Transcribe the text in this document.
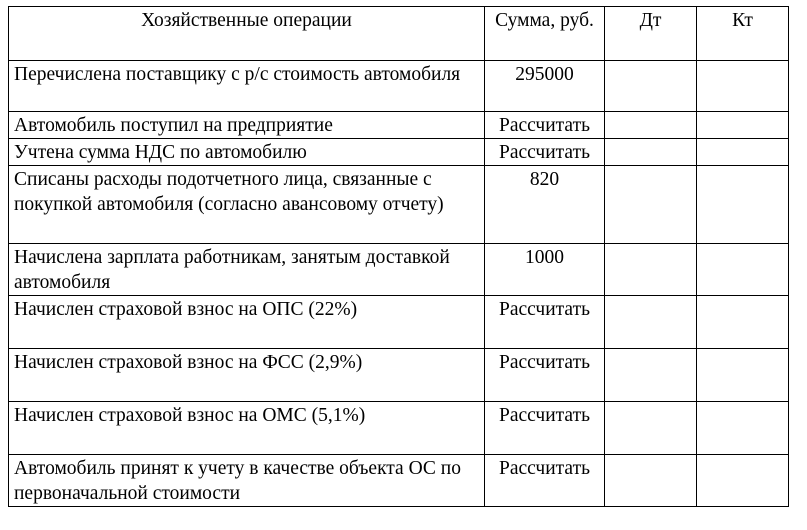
Хозяйственные операции	Сумма, руб.	Дт	Кт
Перечислена поставщику с р/с стоимость автомобиля	295000		
Автомобиль поступил на предприятие	Рассчитать		
Учтена сумма НДС по автомобилю	Рассчитать		
Списаны расходы подотчетного лица, связанные с покупкой автомобиля (согласно авансовому отчету)	820		
Начислена зарплата работникам, занятым доставкой автомобиля	1000		
Начислен страховой взнос на ОПС (22%)	Рассчитать		
Начислен страховой взнос на ФСС (2,9%)	Рассчитать		
Начислен страховой взнос на ОМС (5,1%)	Рассчитать		
Автомобиль принят к учету в качестве объекта ОС по первоначальной стоимости	Рассчитать		
